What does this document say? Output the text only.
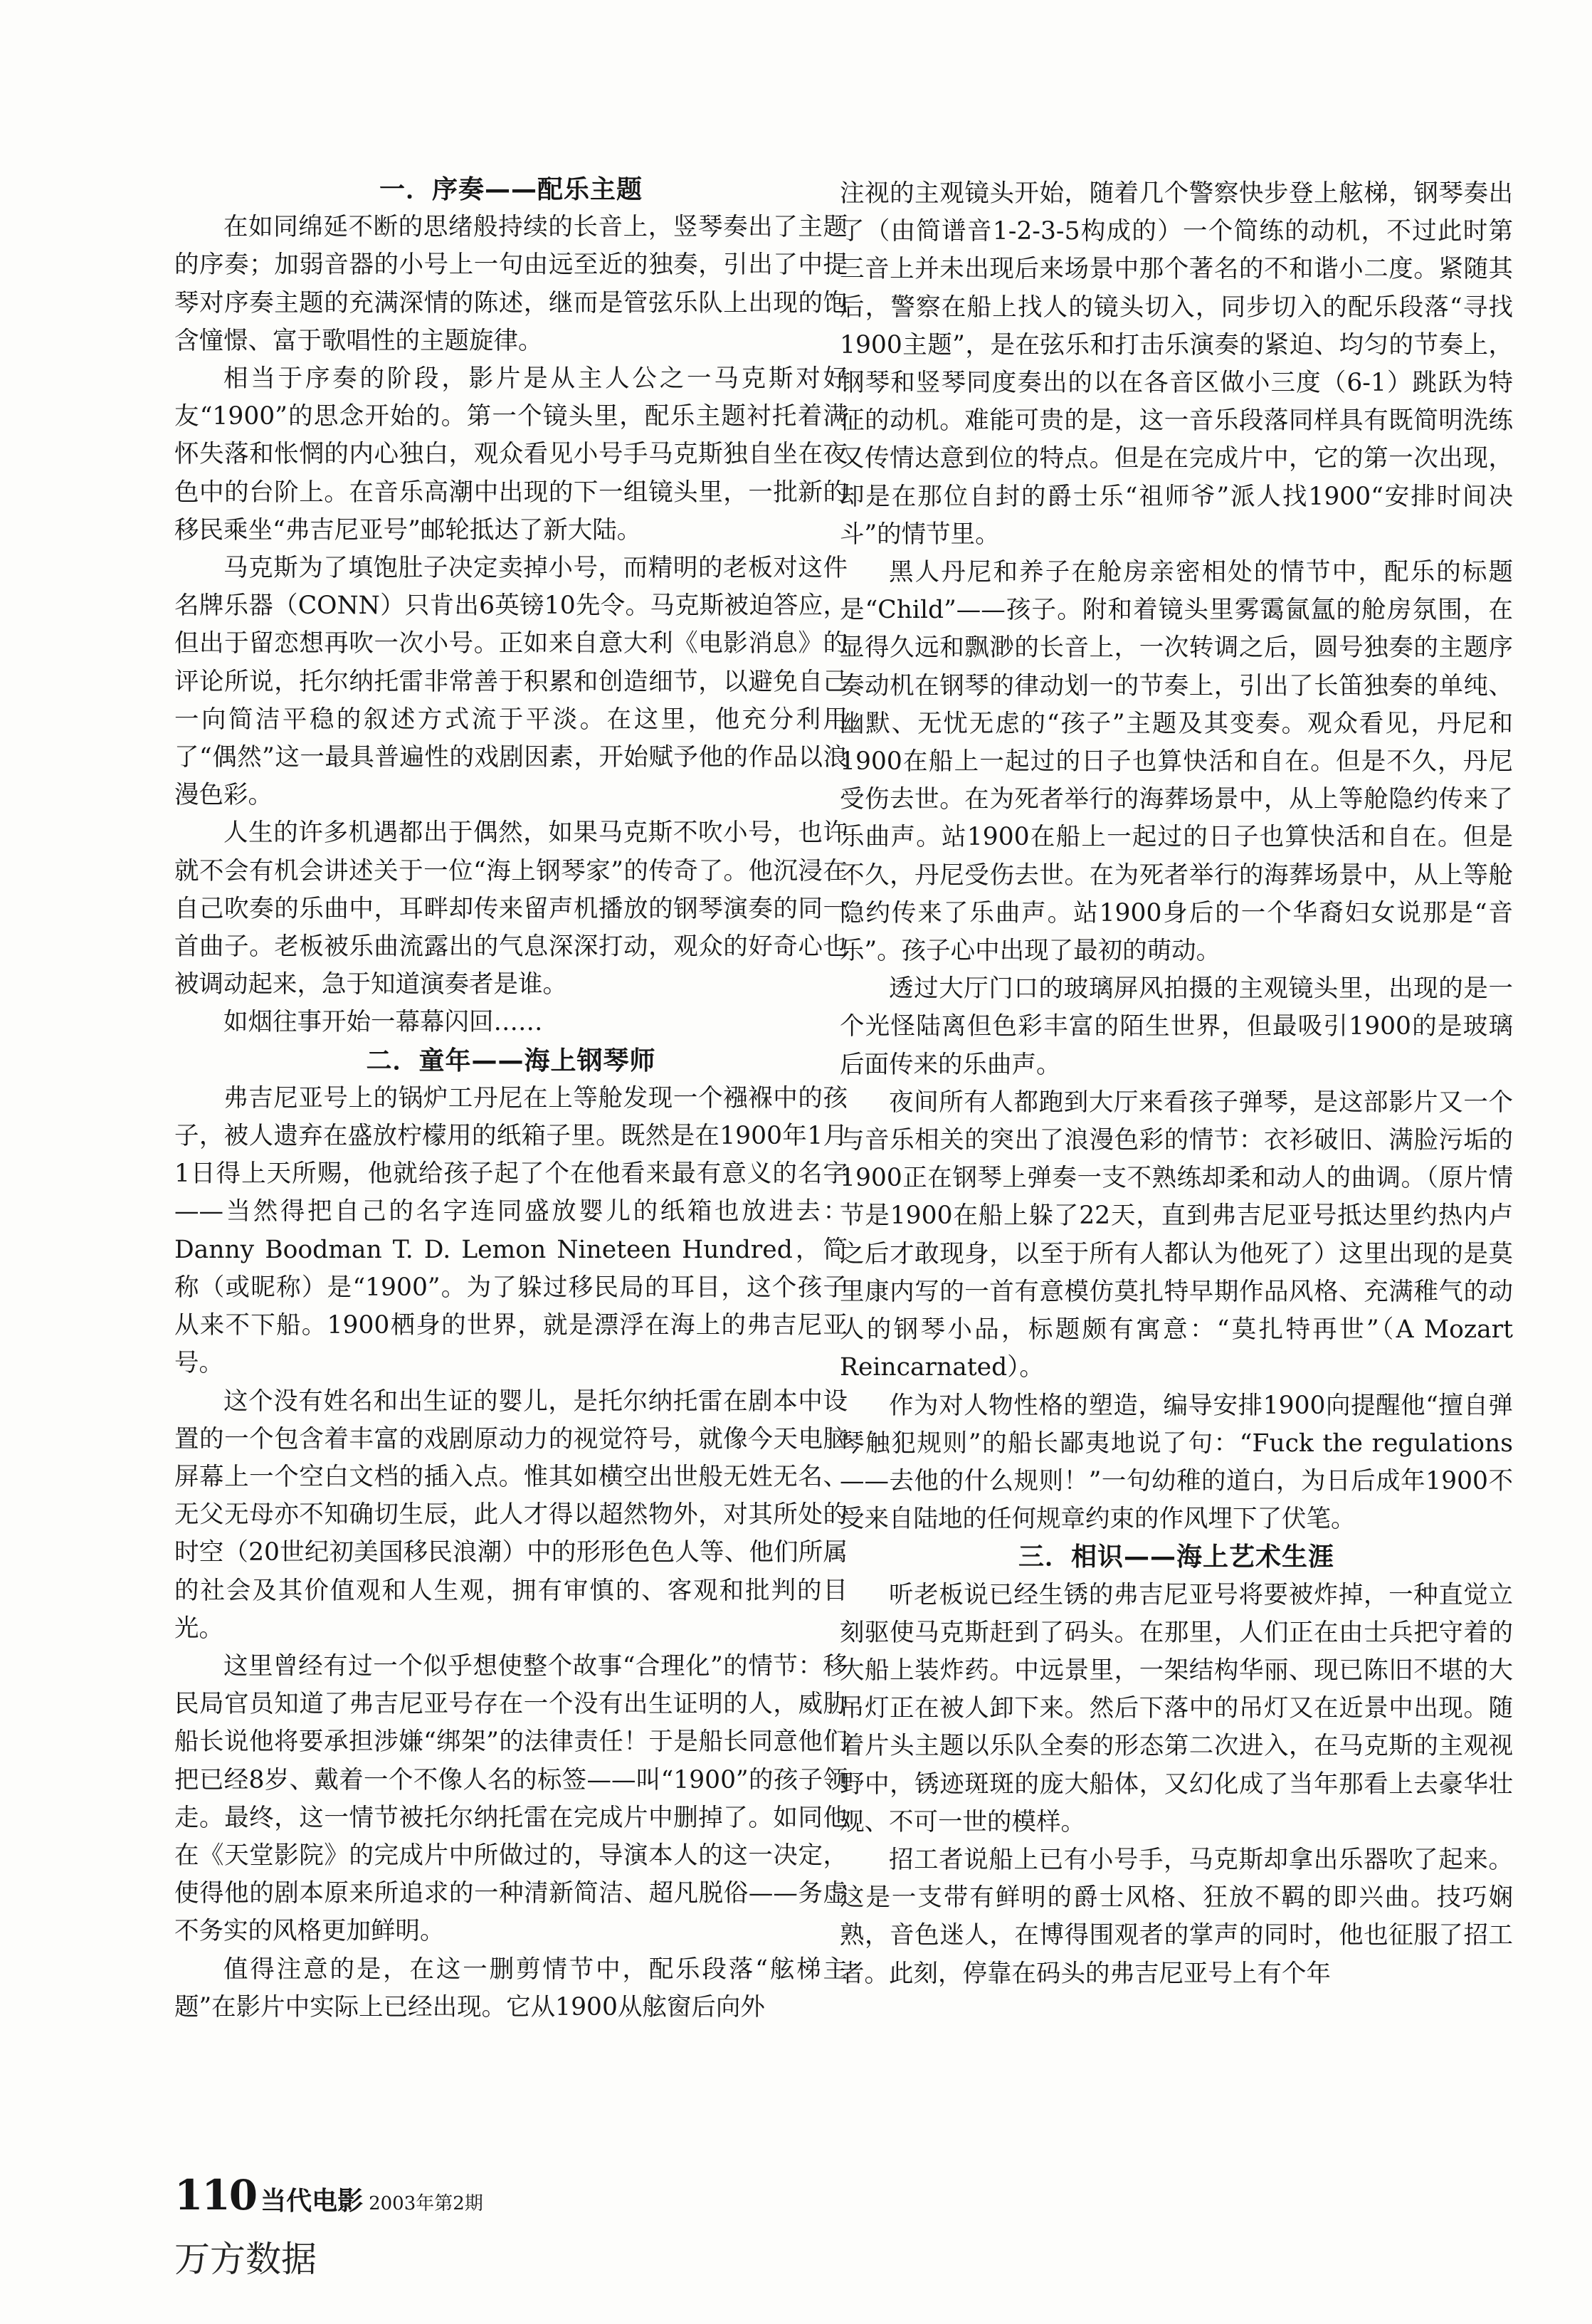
一．序奏——配乐主题

在如同绵延不断的思绪般持续的长音上，竖琴奏出了主题的序奏；加弱音器的小号上一句由远至近的独奏，引出了中提琴对序奏主题的充满深情的陈述，继而是管弦乐队上出现的饱含憧憬、富于歌唱性的主题旋律。

相当于序奏的阶段，影片是从主人公之一马克斯对好友“1900”的思念开始的。第一个镜头里，配乐主题衬托着满怀失落和怅惘的内心独白，观众看见小号手马克斯独自坐在夜色中的台阶上。在音乐高潮中出现的下一组镜头里，一批新的移民乘坐“弗吉尼亚号”邮轮抵达了新大陆。

马克斯为了填饱肚子决定卖掉小号，而精明的老板对这件名牌乐器（CONN）只肯出6英镑10先令。马克斯被迫答应，但出于留恋想再吹一次小号。正如来自意大利《电影消息》的评论所说，托尔纳托雷非常善于积累和创造细节，以避免自己一向简洁平稳的叙述方式流于平淡。在这里，他充分利用了“偶然”这一最具普遍性的戏剧因素，开始赋予他的作品以浪漫色彩。

人生的许多机遇都出于偶然，如果马克斯不吹小号，也许就不会有机会讲述关于一位“海上钢琴家”的传奇了。他沉浸在自己吹奏的乐曲中，耳畔却传来留声机播放的钢琴演奏的同一首曲子。老板被乐曲流露出的气息深深打动，观众的好奇心也被调动起来，急于知道演奏者是谁。

如烟往事开始一幕幕闪回……

二．童年——海上钢琴师

弗吉尼亚号上的锅炉工丹尼在上等舱发现一个襁褓中的孩子，被人遗弃在盛放柠檬用的纸箱子里。既然是在1900年1月1日得上天所赐，他就给孩子起了个在他看来最有意义的名字——当然得把自己的名字连同盛放婴儿的纸箱也放进去：Danny Boodman T. D. Lemon Nineteen Hundred，简称（或昵称）是“1900”。为了躲过移民局的耳目，这个孩子从来不下船。1900栖身的世界，就是漂浮在海上的弗吉尼亚号。

这个没有姓名和出生证的婴儿，是托尔纳托雷在剧本中设置的一个包含着丰富的戏剧原动力的视觉符号，就像今天电脑屏幕上一个空白文档的插入点。惟其如横空出世般无姓无名、无父无母亦不知确切生辰，此人才得以超然物外，对其所处的时空（20世纪初美国移民浪潮）中的形形色色人等、他们所属的社会及其价值观和人生观，拥有审慎的、客观和批判的目光。

这里曾经有过一个似乎想使整个故事“合理化”的情节：移民局官员知道了弗吉尼亚号存在一个没有出生证明的人，威胁船长说他将要承担涉嫌“绑架”的法律责任！于是船长同意他们把已经8岁、戴着一个不像人名的标签——叫“1900”的孩子领走。最终，这一情节被托尔纳托雷在完成片中删掉了。如同他在《天堂影院》的完成片中所做过的，导演本人的这一决定，使得他的剧本原来所追求的一种清新简洁、超凡脱俗——务虚不务实的风格更加鲜明。

值得注意的是，在这一删剪情节中，配乐段落“舷梯主题”在影片中实际上已经出现。它从1900从舷窗后向外

注视的主观镜头开始，随着几个警察快步登上舷梯，钢琴奏出了（由简谱音1-2-3-5构成的）一个简练的动机，不过此时第三音上并未出现后来场景中那个著名的不和谐小二度。紧随其后，警察在船上找人的镜头切入，同步切入的配乐段落“寻找1900主题”，是在弦乐和打击乐演奏的紧迫、均匀的节奏上，钢琴和竖琴同度奏出的以在各音区做小三度（6-1）跳跃为特征的动机。难能可贵的是，这一音乐段落同样具有既简明洗练又传情达意到位的特点。但是在完成片中，它的第一次出现，却是在那位自封的爵士乐“祖师爷”派人找1900“安排时间决斗”的情节里。

黑人丹尼和养子在舱房亲密相处的情节中，配乐的标题是“Child”——孩子。附和着镜头里雾霭氤氲的舱房氛围，在显得久远和飘渺的长音上，一次转调之后，圆号独奏的主题序奏动机在钢琴的律动划一的节奏上，引出了长笛独奏的单纯、幽默、无忧无虑的“孩子”主题及其变奏。观众看见，丹尼和1900在船上一起过的日子也算快活和自在。但是不久，丹尼受伤去世。在为死者举行的海葬场景中，从上等舱隐约传来了乐曲声。站1900在船上一起过的日子也算快活和自在。但是不久，丹尼受伤去世。在为死者举行的海葬场景中，从上等舱隐约传来了乐曲声。站1900身后的一个华裔妇女说那是“音乐”。孩子心中出现了最初的萌动。

透过大厅门口的玻璃屏风拍摄的主观镜头里，出现的是一个光怪陆离但色彩丰富的陌生世界，但最吸引1900的是玻璃后面传来的乐曲声。

夜间所有人都跑到大厅来看孩子弹琴，是这部影片又一个与音乐相关的突出了浪漫色彩的情节：衣衫破旧、满脸污垢的1900正在钢琴上弹奏一支不熟练却柔和动人的曲调。（原片情节是1900在船上躲了22天，直到弗吉尼亚号抵达里约热内卢之后才敢现身，以至于所有人都认为他死了）这里出现的是莫里康内写的一首有意模仿莫扎特早期作品风格、充满稚气的动人的钢琴小品，标题颇有寓意：“莫扎特再世”（A Mozart Reincarnated）。

作为对人物性格的塑造，编导安排1900向提醒他“擅自弹琴触犯规则”的船长鄙夷地说了句：“Fuck the regulations——去他的什么规则！”一句幼稚的道白，为日后成年1900不受来自陆地的任何规章约束的作风埋下了伏笔。

三．相识——海上艺术生涯

听老板说已经生锈的弗吉尼亚号将要被炸掉，一种直觉立刻驱使马克斯赶到了码头。在那里，人们正在由士兵把守着的大船上装炸药。中远景里，一架结构华丽、现已陈旧不堪的大吊灯正在被人卸下来。然后下落中的吊灯又在近景中出现。随着片头主题以乐队全奏的形态第二次进入，在马克斯的主观视野中，锈迹斑斑的庞大船体，又幻化成了当年那看上去豪华壮观、不可一世的模样。

招工者说船上已有小号手，马克斯却拿出乐器吹了起来。这是一支带有鲜明的爵士风格、狂放不羁的即兴曲。技巧娴熟，音色迷人，在博得围观者的掌声的同时，他也征服了招工者。此刻，停靠在码头的弗吉尼亚号上有个年

110 当代电影 2003年第2期
万方数据
